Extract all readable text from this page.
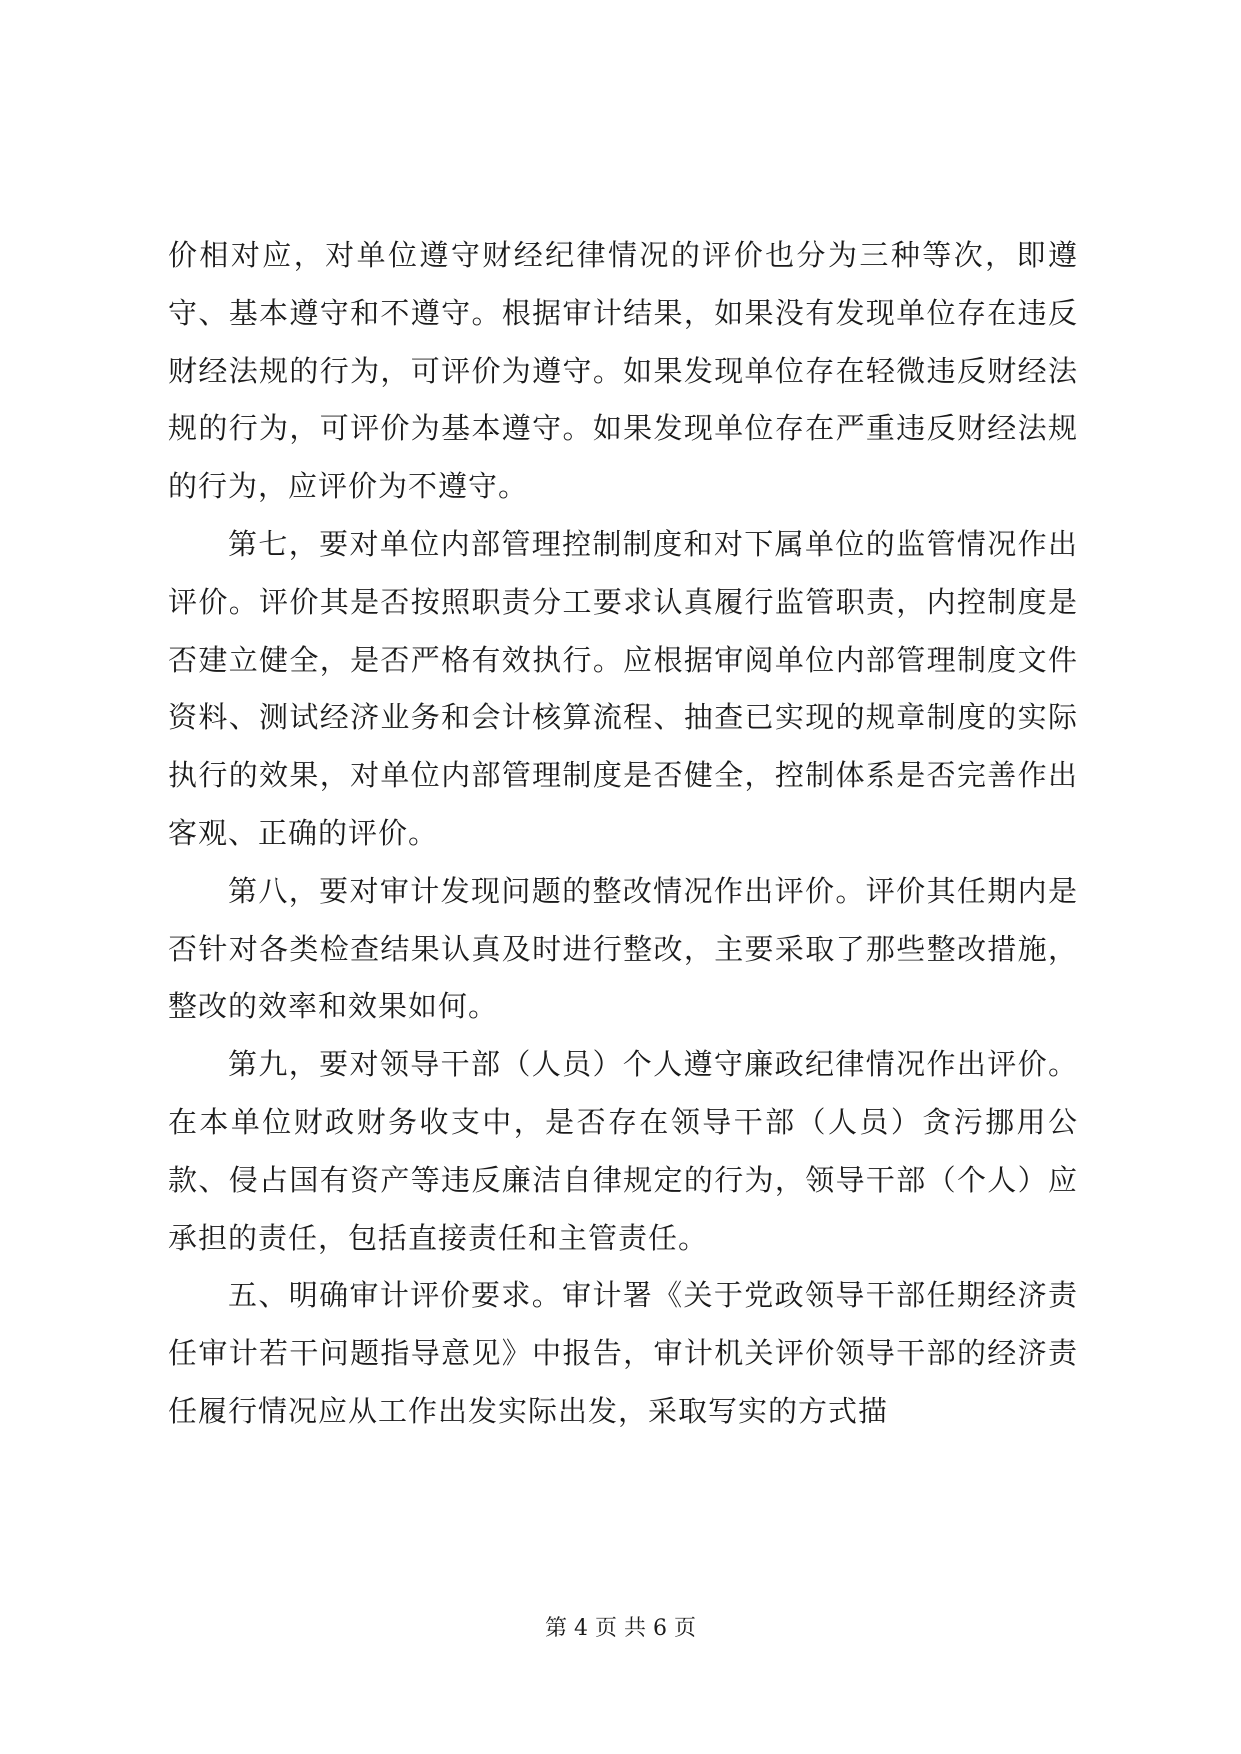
价相对应，对单位遵守财经纪律情况的评价也分为三种等次，即遵守、基本遵守和不遵守。根据审计结果，如果没有发现单位存在违反财经法规的行为，可评价为遵守。如果发现单位存在轻微违反财经法规的行为，可评价为基本遵守。如果发现单位存在严重违反财经法规的行为，应评价为不遵守。

第七，要对单位内部管理控制制度和对下属单位的监管情况作出评价。评价其是否按照职责分工要求认真履行监管职责，内控制度是否建立健全，是否严格有效执行。应根据审阅单位内部管理制度文件资料、测试经济业务和会计核算流程、抽查已实现的规章制度的实际执行的效果，对单位内部管理制度是否健全，控制体系是否完善作出客观、正确的评价。

第八，要对审计发现问题的整改情况作出评价。评价其任期内是否针对各类检查结果认真及时进行整改，主要采取了那些整改措施，整改的效率和效果如何。

第九，要对领导干部（人员）个人遵守廉政纪律情况作出评价。在本单位财政财务收支中，是否存在领导干部（人员）贪污挪用公款、侵占国有资产等违反廉洁自律规定的行为，领导干部（个人）应承担的责任，包括直接责任和主管责任。

五、明确审计评价要求。审计署《关于党政领导干部任期经济责任审计若干问题指导意见》中报告，审计机关评价领导干部的经济责任履行情况应从工作出发实际出发，采取写实的方式描

第 4 页 共 6 页
